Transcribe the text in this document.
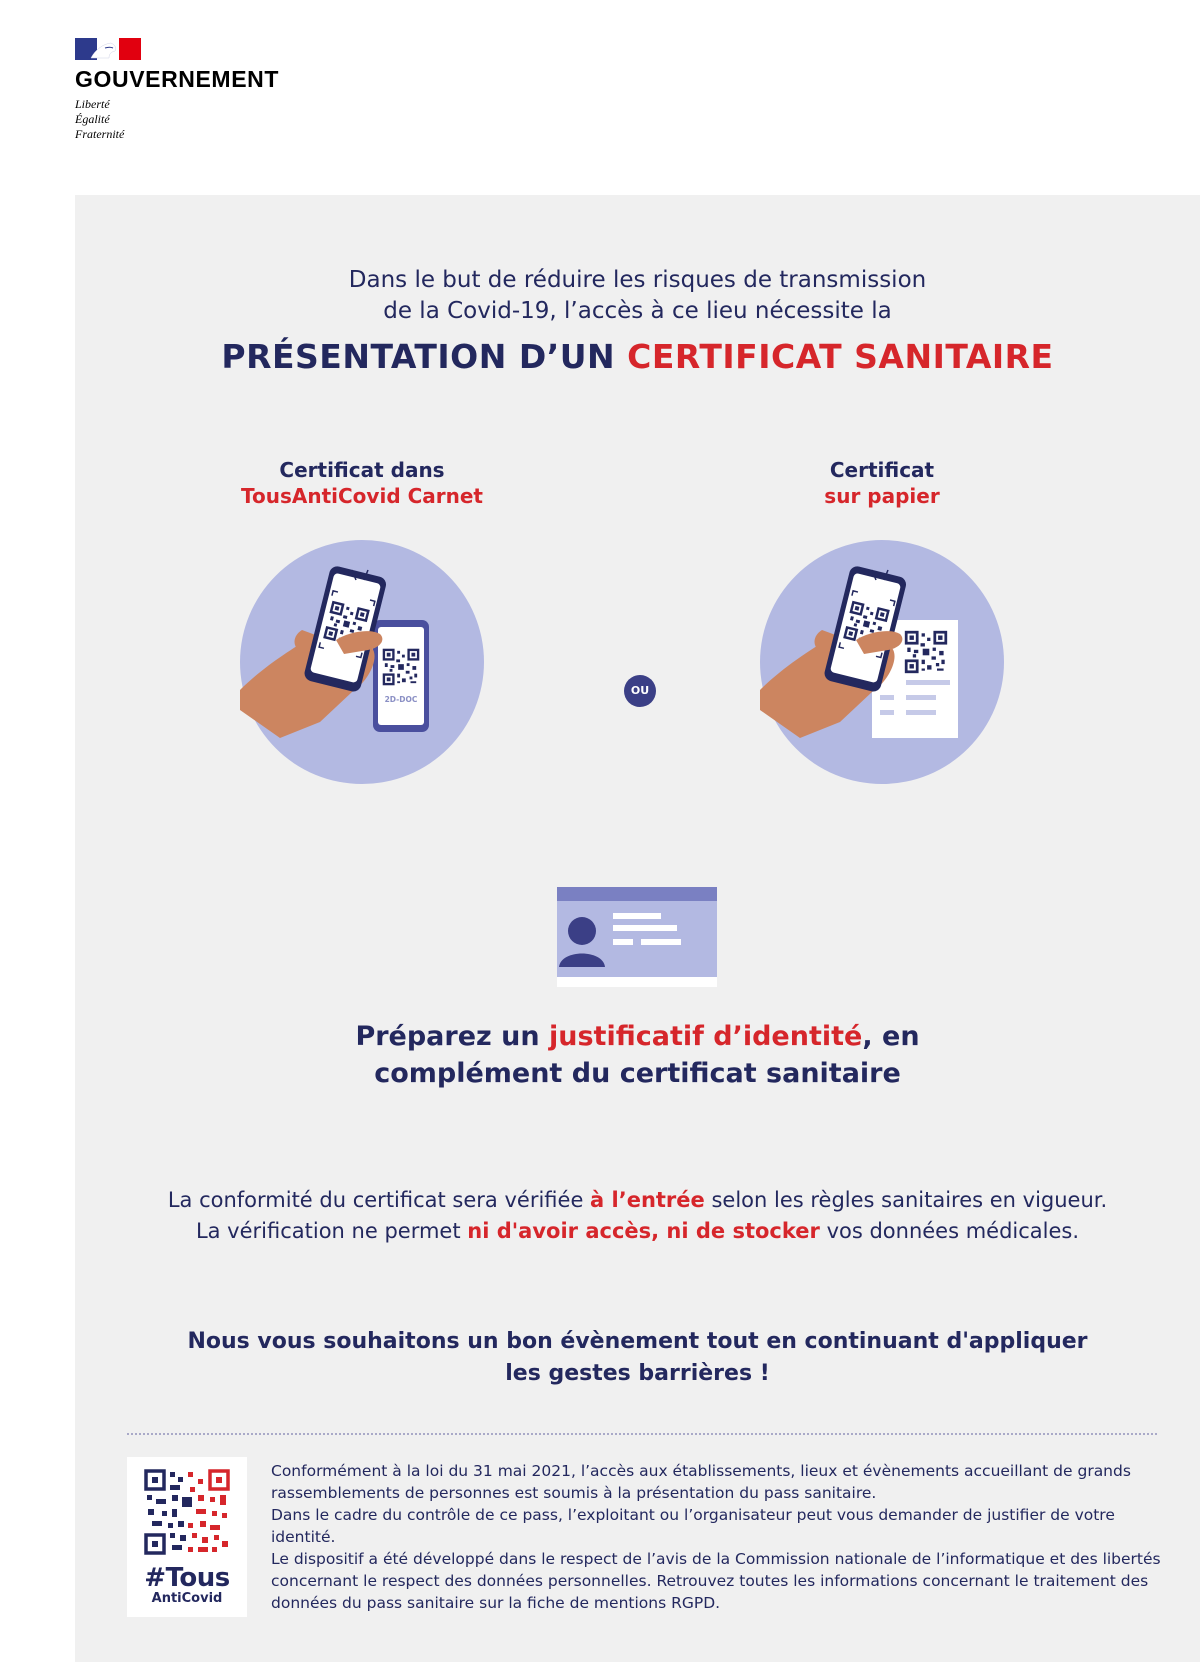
GOUVERNEMENT
Liberté
Égalité
Fraternité
Dans le but de réduire les risques de transmission
de la Covid-19, l’accès à ce lieu nécessite la
PRÉSENTATION D’UN CERTIFICAT SANITAIRE
Certificat dans
TousAntiCovid Carnet
Certificat
sur papier
2D-DOC
OU
Préparez un justificatif d’identité, en
complément du certificat sanitaire
La conformité du certificat sera vérifiée à l’entrée selon les règles sanitaires en vigueur.
La vérification ne permet ni d'avoir accès, ni de stocker vos données médicales.
Nous vous souhaitons un bon évènement tout en continuant d'appliquer
les gestes barrières !
#Tous
AntiCovid

Conformément à la loi du 31 mai 2021, l’accès aux établissements, lieux et évènements accueillant de grands rassemblements de personnes est soumis à la présentation du pass sanitaire.

Dans le cadre du contrôle de ce pass, l’exploitant ou l’organisateur peut vous demander de justifier de votre identité.

Le dispositif a été développé dans le respect de l’avis de la Commission nationale de l’informatique et des libertés concernant le respect des données personnelles. Retrouvez toutes les informations concernant le traitement des données du pass sanitaire sur la fiche de mentions RGPD.
